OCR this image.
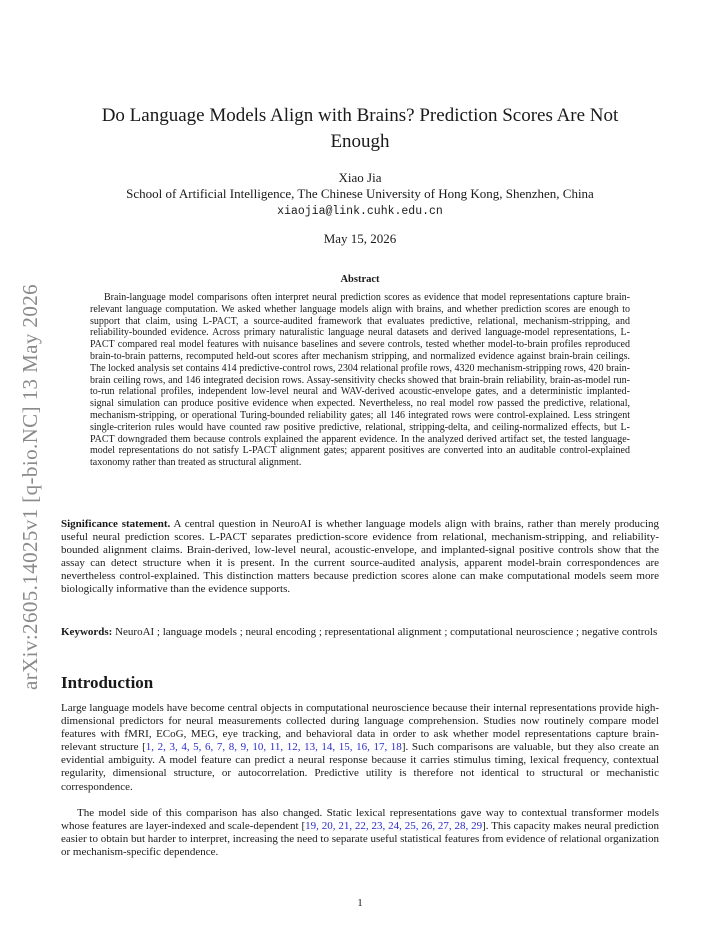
arXiv:2605.14025v1 [q-bio.NC] 13 May 2026
Do Language Models Align with Brains? Prediction Scores Are Not Enough
Xiao Jia
School of Artificial Intelligence, The Chinese University of Hong Kong, Shenzhen, China
xiaojia@link.cuhk.edu.cn
May 15, 2026
Abstract

Brain-language model comparisons often interpret neural prediction scores as evidence that model representations capture brain-relevant language computation. We asked whether language models align with brains, and whether prediction scores are enough to support that claim, using L-PACT, a source-audited framework that evaluates predictive, relational, mechanism-stripping, and reliability-bounded evidence. Across primary naturalistic language neural datasets and derived language-model representations, L-PACT compared real model features with nuisance baselines and severe controls, tested whether model-to-brain profiles reproduced brain-to-brain patterns, recomputed held-out scores after mechanism stripping, and normalized evidence against brain-brain ceilings. The locked analysis set contains 414 predictive-control rows, 2304 relational profile rows, 4320 mechanism-stripping rows, 420 brain-brain ceiling rows, and 146 integrated decision rows. Assay-sensitivity checks showed that brain-brain reliability, brain-as-model run-to-run relational profiles, independent low-level neural and WAV-derived acoustic-envelope gates, and a deterministic implanted-signal simulation can produce positive evidence when expected. Nevertheless, no real model row passed the predictive, relational, mechanism-stripping, or operational Turing-bounded reliability gates; all 146 integrated rows were control-explained. Less stringent single-criterion rules would have counted raw positive predictive, relational, stripping-delta, and ceiling-normalized effects, but L-PACT downgraded them because controls explained the apparent evidence. In the analyzed derived artifact set, the tested language-model representations do not satisfy L-PACT alignment gates; apparent positives are converted into an auditable control-explained taxonomy rather than treated as structural alignment.

Significance statement. A central question in NeuroAI is whether language models align with brains, rather than merely producing useful neural prediction scores. L-PACT separates prediction-score evidence from relational, mechanism-stripping, and reliability-bounded alignment claims. Brain-derived, low-level neural, acoustic-envelope, and implanted-signal positive controls show that the assay can detect structure when it is present. In the current source-audited analysis, apparent model-brain correspondences are nevertheless control-explained. This distinction matters because prediction scores alone can make computational models seem more biologically informative than the evidence supports.

Keywords: NeuroAI ; language models ; neural encoding ; representational alignment ; computational neuroscience ; negative controls

Introduction

Large language models have become central objects in computational neuroscience because their internal representations provide high-dimensional predictors for neural measurements collected during language comprehension. Studies now routinely compare model features with fMRI, ECoG, MEG, eye tracking, and behavioral data in order to ask whether model representations capture brain-relevant structure [1, 2, 3, 4, 5, 6, 7, 8, 9, 10, 11, 12, 13, 14, 15, 16, 17, 18]. Such comparisons are valuable, but they also create an evidential ambiguity. A model feature can predict a neural response because it carries stimulus timing, lexical frequency, contextual regularity, dimensional structure, or autocorrelation. Predictive utility is therefore not identical to structural or mechanistic correspondence.

The model side of this comparison has also changed. Static lexical representations gave way to contextual transformer models whose features are layer-indexed and scale-dependent [19, 20, 21, 22, 23, 24, 25, 26, 27, 28, 29]. This capacity makes neural prediction easier to obtain but harder to interpret, increasing the need to separate useful statistical features from evidence of relational organization or mechanism-specific dependence.

1
